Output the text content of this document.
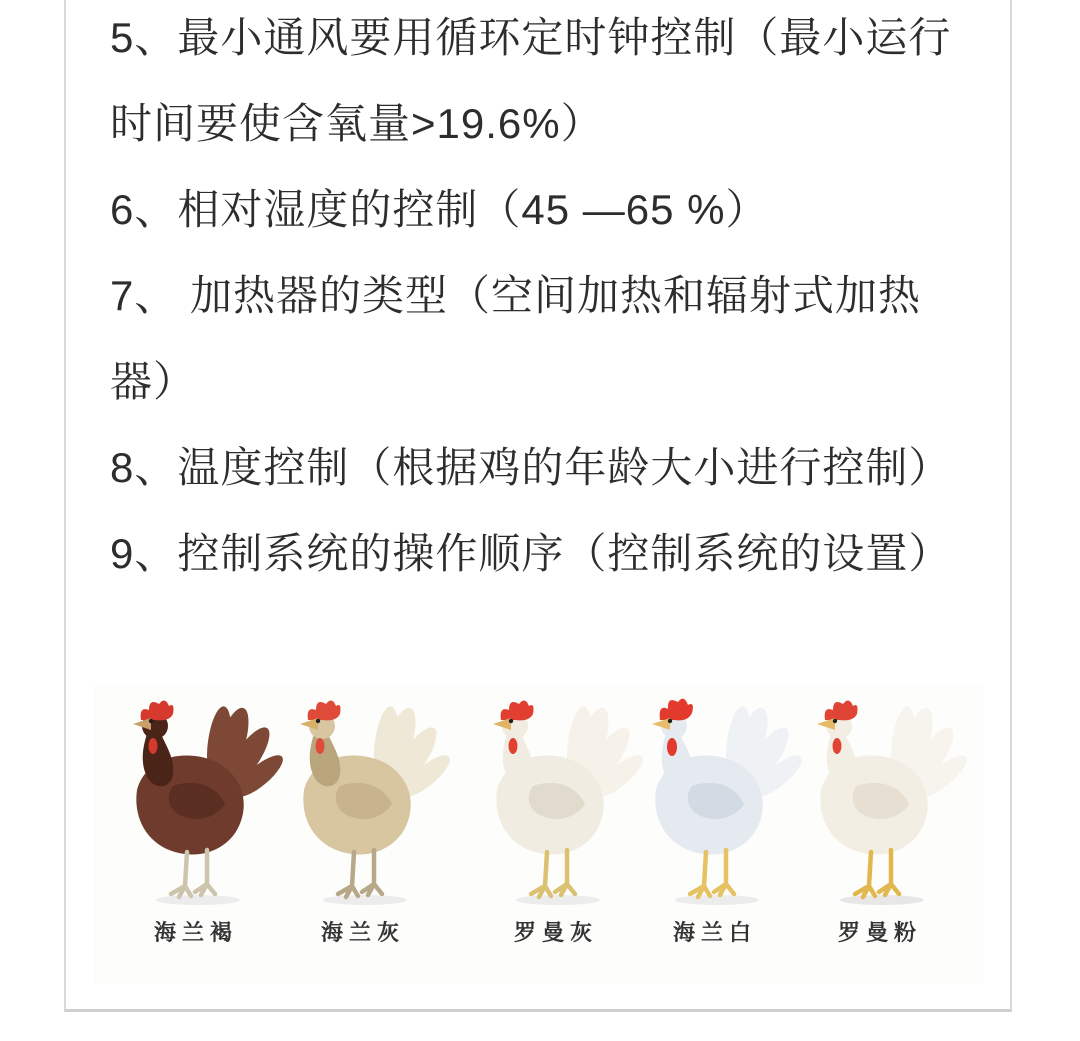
5、最小通风要用循环定时钟控制（最小运行
时间要使含氧量>19.6%）
6、相对湿度的控制（45 —65 %）
7、 加热器的类型（空间加热和辐射式加热
器）
8、温度控制（根据鸡的年龄大小进行控制）
9、控制系统的操作顺序（控制系统的设置）
海兰褐	海兰灰	罗曼灰	海兰白	罗曼粉
